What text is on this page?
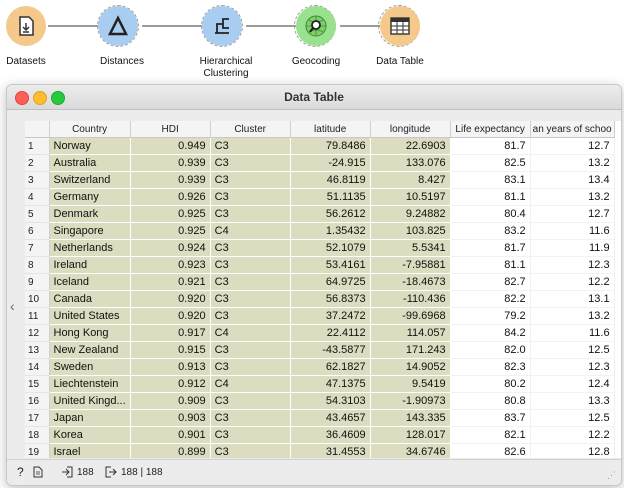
Datasets	Distances	Hierarchical
Clustering
Geocoding	Data Table
Data Table
‹
	Country	HDI	Cluster	latitude	longitude	Life expectancy	an years of schoo
1	Norway	0.949	C3	79.8486	22.6903	81.7	12.7
2	Australia	0.939	C3	-24.915	133.076	82.5	13.2
3	Switzerland	0.939	C3	46.8119	8.427	83.1	13.4
4	Germany	0.926	C3	51.1135	10.5197	81.1	13.2
5	Denmark	0.925	C3	56.2612	9.24882	80.4	12.7
6	Singapore	0.925	C4	1.35432	103.825	83.2	11.6
7	Netherlands	0.924	C3	52.1079	5.5341	81.7	11.9
8	Ireland	0.923	C3	53.4161	-7.95881	81.1	12.3
9	Iceland	0.921	C3	64.9725	-18.4673	82.7	12.2
10	Canada	0.920	C3	56.8373	-110.436	82.2	13.1
11	United States	0.920	C3	37.2472	-99.6968	79.2	13.2
12	Hong Kong	0.917	C4	22.4112	114.057	84.2	11.6
13	New Zealand	0.915	C3	-43.5877	171.243	82.0	12.5
14	Sweden	0.913	C3	62.1827	14.9052	82.3	12.3
15	Liechtenstein	0.912	C4	47.1375	9.5419	80.2	12.4
16	United Kingd...	0.909	C3	54.3103	-1.90973	80.8	13.3
17	Japan	0.903	C3	43.4657	143.335	83.7	12.5
18	Korea	0.901	C3	36.4609	128.017	82.1	12.2
19	Israel	0.899	C3	31.4553	34.6746	82.6	12.8
?	188	188 | 188	⋰
